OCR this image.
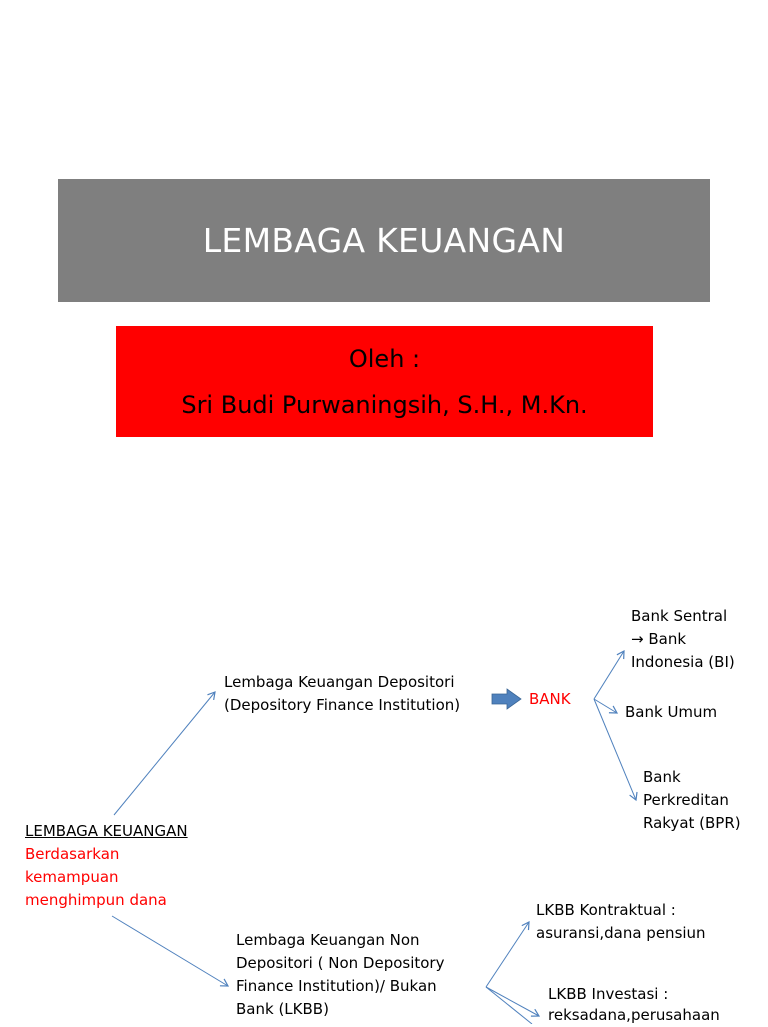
LEMBAGA KEUANGAN
Oleh :
Sri Budi Purwaningsih, S.H., M.Kn.
LEMBAGA KEUANGAN
Berdasarkan
kemampuan
menghimpun dana
Lembaga Keuangan Depositori
(Depository Finance Institution)	BANK
Bank Sentral
→ Bank
Indonesia (BI)
Bank Umum
Bank
Perkreditan
Rakyat (BPR)
Lembaga Keuangan Non
Depositori ( Non Depository
Finance Institution)/ Bukan
Bank (LKBB)
LKBB Kontraktual :
asuransi,dana pensiun
LKBB Investasi :
reksadana,perusahaan
